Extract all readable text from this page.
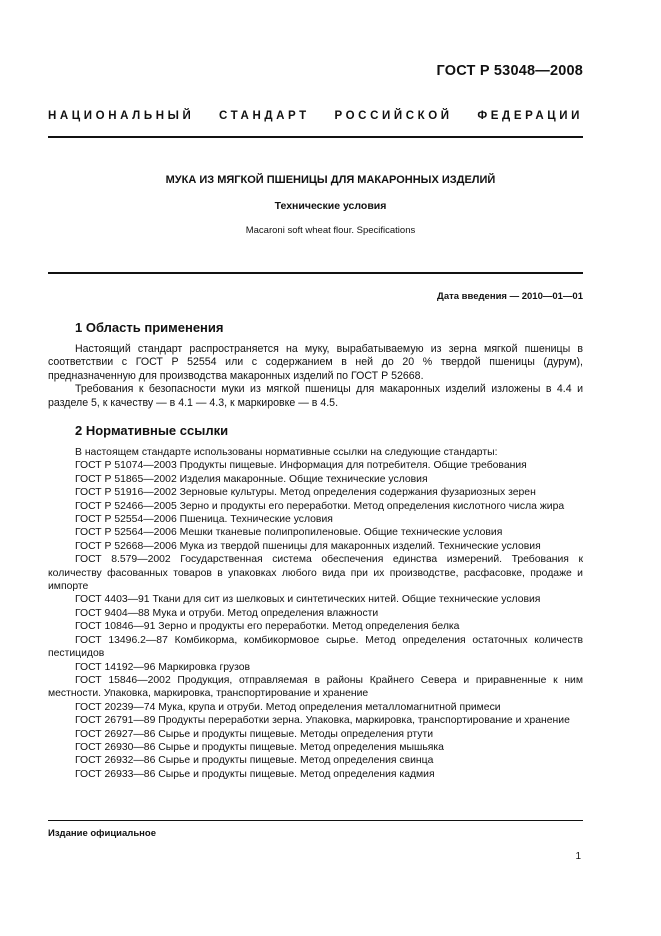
ГОСТ Р 53048—2008
НАЦИОНАЛЬНЫЙ СТАНДАРТ РОССИЙСКОЙ ФЕДЕРАЦИИ
МУКА ИЗ МЯГКОЙ ПШЕНИЦЫ ДЛЯ МАКАРОННЫХ ИЗДЕЛИЙ
Технические условия
Macaroni soft wheat flour. Specifications
Дата введения — 2010—01—01
1 Область применения
Настоящий стандарт распространяется на муку, вырабатываемую из зерна мягкой пшеницы в соответствии с ГОСТ Р 52554 или с содержанием в ней до 20 % твердой пшеницы (дурум), предназначенную для производства макаронных изделий по ГОСТ Р 52668.
Требования к безопасности муки из мягкой пшеницы для макаронных изделий изложены в 4.4 и разделе 5, к качеству — в 4.1 — 4.3, к маркировке — в 4.5.
2 Нормативные ссылки
В настоящем стандарте использованы нормативные ссылки на следующие стандарты:
ГОСТ Р 51074—2003 Продукты пищевые. Информация для потребителя. Общие требования
ГОСТ Р 51865—2002 Изделия макаронные. Общие технические условия
ГОСТ Р 51916—2002 Зерновые культуры. Метод определения содержания фузариозных зерен
ГОСТ Р 52466—2005 Зерно и продукты его переработки. Метод определения кислотного числа жира
ГОСТ Р 52554—2006 Пшеница. Технические условия
ГОСТ Р 52564—2006 Мешки тканевые полипропиленовые. Общие технические условия
ГОСТ Р 52668—2006 Мука из твердой пшеницы для макаронных изделий. Технические условия
ГОСТ 8.579—2002 Государственная система обеспечения единства измерений. Требования к количеству фасованных товаров в упаковках любого вида при их производстве, расфасовке, продаже и импорте
ГОСТ 4403—91 Ткани для сит из шелковых и синтетических нитей. Общие технические условия
ГОСТ 9404—88 Мука и отруби. Метод определения влажности
ГОСТ 10846—91 Зерно и продукты его переработки. Метод определения белка
ГОСТ 13496.2—87 Комбикорма, комбикормовое сырье. Метод определения остаточных количеств пестицидов
ГОСТ 14192—96 Маркировка грузов
ГОСТ 15846—2002 Продукция, отправляемая в районы Крайнего Севера и приравненные к ним местности. Упаковка, маркировка, транспортирование и хранение
ГОСТ 20239—74 Мука, крупа и отруби. Метод определения металломагнитной примеси
ГОСТ 26791—89 Продукты переработки зерна. Упаковка, маркировка, транспортирование и хранение
ГОСТ 26927—86 Сырье и продукты пищевые. Методы определения ртути
ГОСТ 26930—86 Сырье и продукты пищевые. Метод определения мышьяка
ГОСТ 26932—86 Сырье и продукты пищевые. Метод определения свинца
ГОСТ 26933—86 Сырье и продукты пищевые. Метод определения кадмия
Издание официальное
1
